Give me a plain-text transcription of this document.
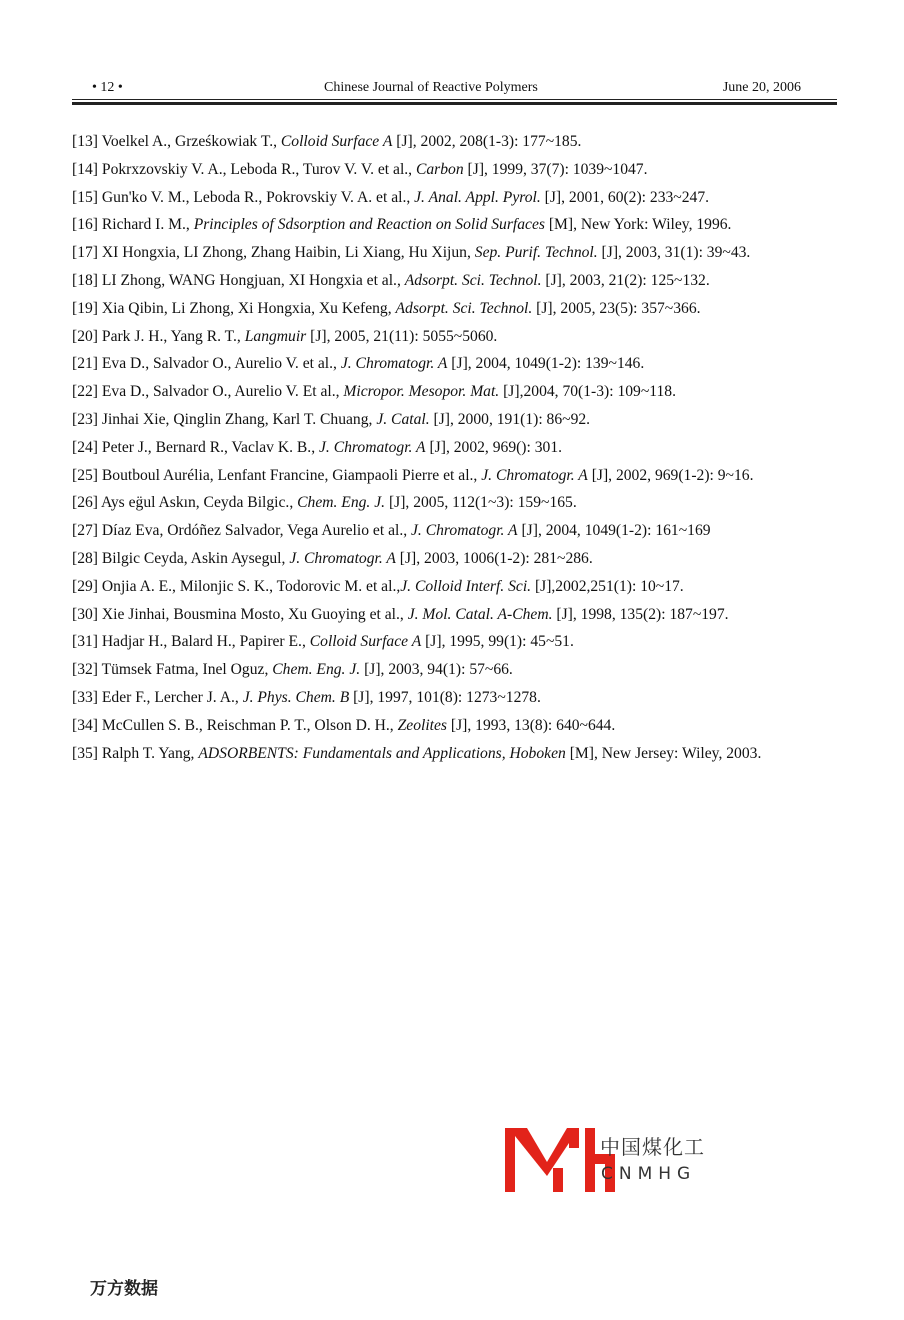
• 12 •	Chinese Journal of Reactive Polymers	June 20, 2006

[13] Voelkel A., Grześkowiak T., Colloid Surface A [J], 2002, 208(1-3): 177~185.

[14] Pokrxzovskiy V. A., Leboda R., Turov V. V. et al., Carbon [J], 1999, 37(7): 1039~1047.

[15] Gun'ko V. M., Leboda R., Pokrovskiy V. A. et al., J. Anal. Appl. Pyrol. [J], 2001, 60(2): 233~247.

[16] Richard I. M., Principles of Sdsorption and Reaction on Solid Surfaces [M], New York: Wiley, 1996.

[17] XI Hongxia, LI Zhong, Zhang Haibin, Li Xiang, Hu Xijun, Sep. Purif. Technol. [J], 2003, 31(1): 39~43.

[18] LI Zhong, WANG Hongjuan, XI Hongxia et al., Adsorpt. Sci. Technol. [J], 2003, 21(2): 125~132.

[19] Xia Qibin, Li Zhong, Xi Hongxia, Xu Kefeng, Adsorpt. Sci. Technol. [J], 2005, 23(5): 357~366.

[20] Park J. H., Yang R. T., Langmuir [J], 2005, 21(11): 5055~5060.

[21] Eva D., Salvador O., Aurelio V. et al., J. Chromatogr. A [J], 2004, 1049(1-2): 139~146.

[22] Eva D., Salvador O., Aurelio V. Et al., Micropor. Mesopor. Mat. [J],2004, 70(1-3): 109~118.

[23] Jinhai Xie, Qinglin Zhang, Karl T. Chuang, J. Catal. [J], 2000, 191(1): 86~92.

[24] Peter J., Bernard R., Vaclav K. B., J. Chromatogr. A [J], 2002, 969(): 301.

[25] Boutboul Aurélia, Lenfant Francine, Giampaoli Pierre et al., J. Chromatogr. A [J], 2002, 969(1-2): 9~16.

[26] Ays eg̈ul Askın, Ceyda Bilgic., Chem. Eng. J. [J], 2005, 112(1~3): 159~165.

[27] Díaz Eva, Ordóñez Salvador, Vega Aurelio et al., J. Chromatogr. A [J], 2004, 1049(1-2): 161~169

[28] Bilgic Ceyda, Askin Aysegul, J. Chromatogr. A [J], 2003, 1006(1-2): 281~286.

[29] Onjia A. E., Milonjic S. K., Todorovic M. et al.,J. Colloid Interf. Sci. [J],2002,251(1): 10~17.

[30] Xie Jinhai, Bousmina Mosto, Xu Guoying et al., J. Mol. Catal. A-Chem. [J], 1998, 135(2): 187~197.

[31] Hadjar H., Balard H., Papirer E., Colloid Surface A [J], 1995, 99(1): 45~51.

[32] Tümsek Fatma, Inel Oguz, Chem. Eng. J. [J], 2003, 94(1): 57~66.

[33] Eder F., Lercher J. A., J. Phys. Chem. B [J], 1997, 101(8): 1273~1278.

[34] McCullen S. B., Reischman P. T., Olson D. H., Zeolites [J], 1993, 13(8): 640~644.

[35] Ralph T. Yang, ADSORBENTS: Fundamentals and Applications, Hoboken [M], New Jersey: Wiley, 2003.

中国煤化工
CNMHG
万方数据
